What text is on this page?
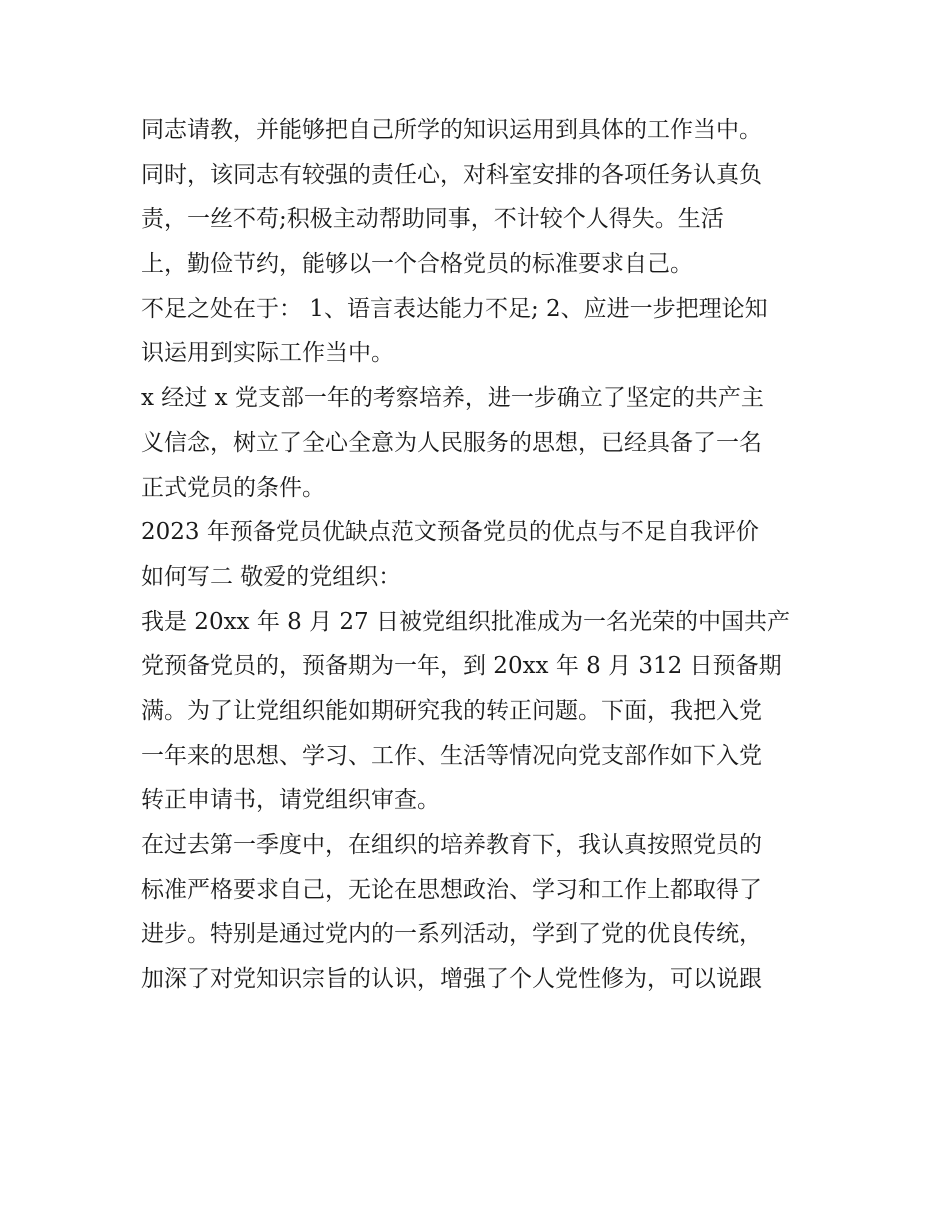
同志请教，并能够把自己所学的知识运用到具体的工作当中。
同时，该同志有较强的责任心，对科室安排的各项任务认真负
责，一丝不苟;积极主动帮助同事，不计较个人得失。生活
上，勤俭节约，能够以一个合格党员的标准要求自己。
不足之处在于： 1、语言表达能力不足; 2、应进一步把理论知
识运用到实际工作当中。
x 经过 x 党支部一年的考察培养，进一步确立了坚定的共产主
义信念，树立了全心全意为人民服务的思想，已经具备了一名
正式党员的条件。
2023 年预备党员优缺点范文预备党员的优点与不足自我评价
如何写二 敬爱的党组织：
我是 20xx 年 8 月 27 日被党组织批准成为一名光荣的中国共产
党预备党员的，预备期为一年，到 20xx 年 8 月 312 日预备期
满。为了让党组织能如期研究我的转正问题。下面，我把入党
一年来的思想、学习、工作、生活等情况向党支部作如下入党
转正申请书，请党组织审查。
在过去第一季度中，在组织的培养教育下，我认真按照党员的
标准严格要求自己，无论在思想政治、学习和工作上都取得了
进步。特别是通过党内的一系列活动，学到了党的优良传统，
加深了对党知识宗旨的认识，增强了个人党性修为，可以说跟
